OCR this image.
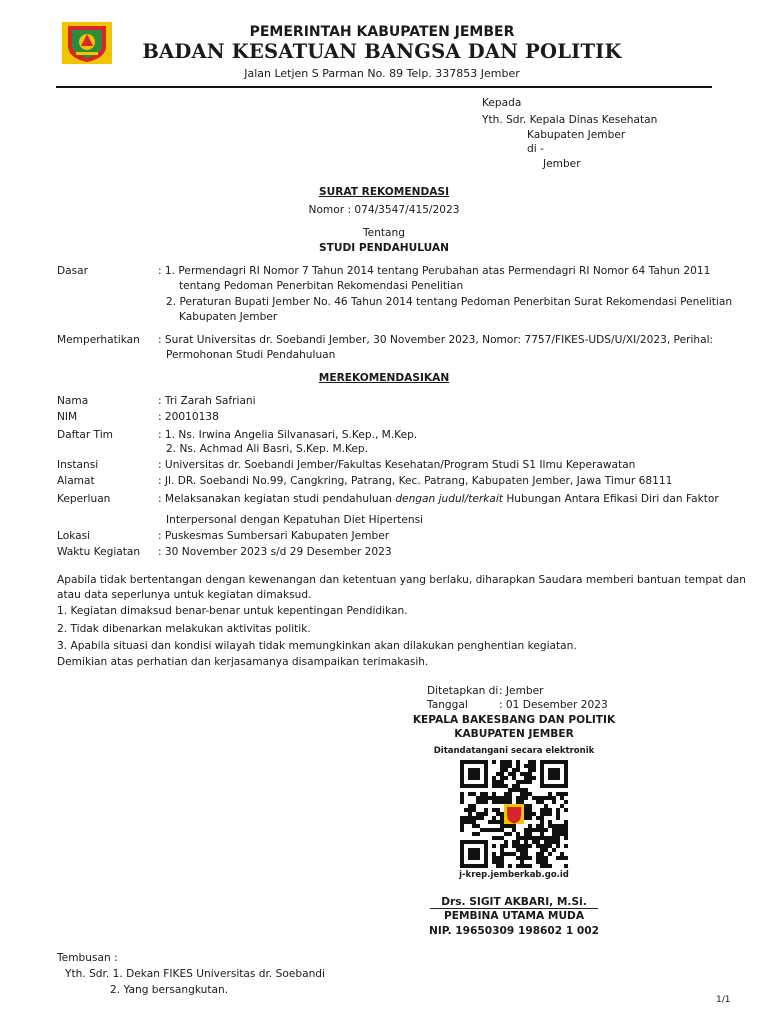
PEMERINTAH KABUPATEN JEMBER
BADAN KESATUAN BANGSA DAN POLITIK
Jalan Letjen S Parman No. 89 Telp. 337853 Jember
Kepada
Yth. Sdr. Kepala Dinas Kesehatan
Kabupaten Jember
di -
Jember
SURAT REKOMENDASI
Nomor : 074/3547/415/2023
Tentang
STUDI PENDAHULUAN
Dasar	: 1. Permendagri RI Nomor 7 Tahun 2014 tentang Perubahan atas Permendagri RI Nomor 64 Tahun 2011
tentang Pedoman Penerbitan Rekomendasi Penelitian
2. Peraturan Bupati Jember No. 46 Tahun 2014 tentang Pedoman Penerbitan Surat Rekomendasi Penelitian
Kabupaten Jember
Memperhatikan : Surat Universitas dr. Soebandi Jember, 30 November 2023, Nomor: 7757/FIKES-UDS/U/XI/2023, Perihal:
Permohonan Studi Pendahuluan
MEREKOMENDASIKAN
Nama	: Tri Zarah Safriani
NIM	: 20010138
Daftar Tim	: 1. Ns. Irwina Angelia Silvanasari, S.Kep., M.Kep.
2. Ns. Achmad Ali Basri, S.Kep. M.Kep.
Instansi	: Universitas dr. Soebandi Jember/Fakultas Kesehatan/Program Studi S1 Ilmu Keperawatan
Alamat	: Jl. DR. Soebandi No.99, Cangkring, Patrang, Kec. Patrang, Kabupaten Jember, Jawa Timur 68111
Keperluan	: Melaksanakan kegiatan studi pendahuluan dengan judul/terkait Hubungan Antara Efikasi Diri dan Faktor
Interpersonal dengan Kepatuhan Diet Hipertensi
Lokasi	: Puskesmas Sumbersari Kabupaten Jember
Waktu Kegiatan : 30 November 2023 s/d 29 Desember 2023
Apabila tidak bertentangan dengan kewenangan dan ketentuan yang berlaku, diharapkan Saudara memberi bantuan tempat dan
atau data seperlunya untuk kegiatan dimaksud.
1. Kegiatan dimaksud benar-benar untuk kepentingan Pendidikan.
2. Tidak dibenarkan melakukan aktivitas politik.
3. Apabila situasi dan kondisi wilayah tidak memungkinkan akan dilakukan penghentian kegiatan.
Demikian atas perhatian dan kerjasamanya disampaikan terimakasih.
Ditetapkan di : Jember
Tanggal	: 01 Desember 2023
KEPALA BAKESBANG DAN POLITIK
KABUPATEN JEMBER
Ditandatangani secara elektronik
j-krep.jemberkab.go.id
Drs. SIGIT AKBARI, M.Si.
PEMBINA UTAMA MUDA
NIP. 19650309 198602 1 002
Tembusan :
Yth. Sdr. 1. Dekan FIKES Universitas dr. Soebandi
2. Yang bersangkutan.
1/1
